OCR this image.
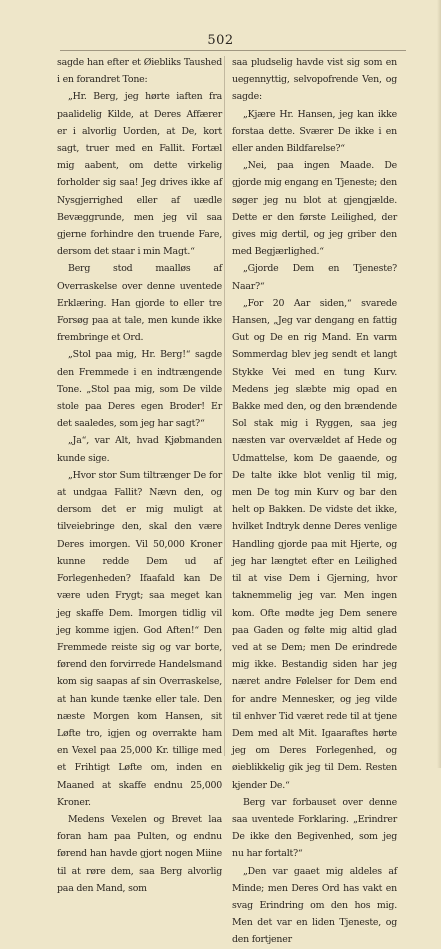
502

sagde han efter et Øiebliks Taushed i en forandret Tone:

„Hr. Berg, jeg hørte iaften fra paalidelig Kilde, at Deres Affærer er i alvorlig Uorden, at De, kort sagt, truer med en Fallit. Fortæl mig aabent, om dette virkelig forholder sig saa! Jeg drives ikke af Nysgjerrighed eller af uædle Bevæggrunde, men jeg vil saa gjerne forhindre den truende Fare, dersom det staar i min Magt.“

Berg stod maalløs af Overraskelse over denne uventede Erklæring. Han gjorde to eller tre Forsøg paa at tale, men kunde ikke frembringe et Ord.

„Stol paa mig, Hr. Berg!“ sagde den Fremmede i en indtrængende Tone. „Stol paa mig, som De vilde stole paa Deres egen Broder! Er det saaledes, som jeg har sagt?“

„Ja“, var Alt, hvad Kjøbmanden kunde sige.

„Hvor stor Sum tiltrænger De for at undgaa Fallit? Nævn den, og dersom det er mig muligt at tilveiebringe den, skal den være Deres imorgen. Vil 50,000 Kroner kunne redde Dem ud af Forlegenheden? Ifaafald kan De være uden Frygt; saa meget kan jeg skaffe Dem. Imorgen tidlig vil jeg komme igjen. God Aften!“ Den Fremmede reiste sig og var borte, førend den forvirrede Handelsmand kom sig saapas af sin Overraskelse, at han kunde tænke eller tale. Den næste Morgen kom Hansen, sit Løfte tro, igjen og overrakte ham en Vexel paa 25,000 Kr. tillige med et Frihtigt Løfte om, inden en Maaned at skaffe endnu 25,000 Kroner.

Medens Vexelen og Brevet laa foran ham paa Pulten, og endnu førend han havde gjort nogen Miine til at røre dem, saa Berg alvorlig paa den Mand, som

saa pludselig havde vist sig som en uegennyttig, selvopofrende Ven, og sagde:

„Kjære Hr. Hansen, jeg kan ikke forstaa dette. Sværer De ikke i en eller anden Bildfarelse?“

„Nei, paa ingen Maade. De gjorde mig engang en Tjeneste; den søger jeg nu blot at gjengjælde. Dette er den første Leilighed, der gives mig dertil, og jeg griber den med Begjærlighed.“

„Gjorde Dem en Tjeneste? Naar?“

„For 20 Aar siden,“ svarede Hansen, „Jeg var dengang en fattig Gut og De en rig Mand. En varm Sommerdag blev jeg sendt et langt Stykke Vei med en tung Kurv. Medens jeg slæbte mig opad en Bakke med den, og den brændende Sol stak mig i Ryggen, saa jeg næsten var overvældet af Hede og Udmattelse, kom De gaaende, og De talte ikke blot venlig til mig, men De tog min Kurv og bar den helt op Bakken. De vidste det ikke, hvilket Indtryk denne Deres venlige Handling gjorde paa mit Hjerte, og jeg har længtet efter en Leilighed til at vise Dem i Gjerning, hvor taknemmelig jeg var. Men ingen kom. Ofte mødte jeg Dem senere paa Gaden og følte mig altid glad ved at se Dem; men De erindrede mig ikke. Bestandig siden har jeg næret andre Følelser for Dem end for andre Mennesker, og jeg vilde til enhver Tid været rede til at tjene Dem med alt Mit. Igaaraftes hørte jeg om Deres Forlegenhed, og øieblikkelig gik jeg til Dem. Resten kjender De.“

Berg var forbauset over denne saa uventede Forklaring. „Erindrer De ikke den Begivenhed, som jeg nu har fortalt?“

„Den var gaaet mig aldeles af Minde; men Deres Ord has vakt en svag Erindring om den hos mig. Men det var en liden Tjeneste, og den fortjener
